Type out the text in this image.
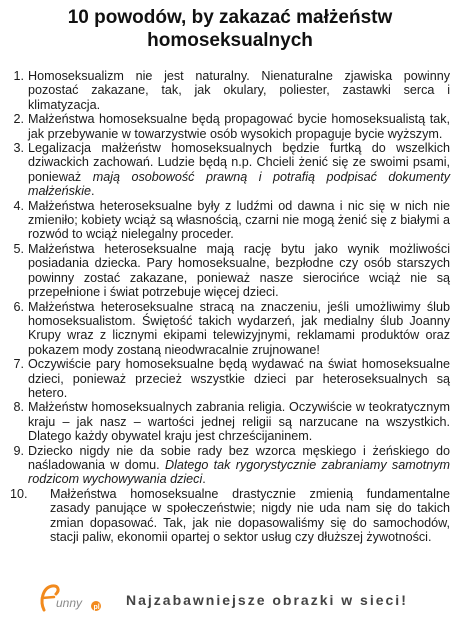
10 powodów, by zakazać małżeństw homoseksualnych
1. Homoseksualizm nie jest naturalny. Nienaturalne zjawiska powinny pozostać zakazane, tak, jak okulary, poliester, zastawki serca i klimatyzacja.
2. Małżeństwa homoseksualne będą propagować bycie homoseksualistą tak, jak przebywanie w towarzystwie osób wysokich propaguje bycie wyższym.
3. Legalizacja małżeństw homoseksualnych będzie furtką do wszelkich dziwackich zachowań. Ludzie będą n.p. Chcieli żenić się ze swoimi psami, ponieważ mają osobowość prawną i potrafią podpisać dokumenty małżeńskie.
4. Małżeństwa heteroseksualne były z ludźmi od dawna i nic się w nich nie zmieniło; kobiety wciąż są własnością, czarni nie mogą żenić się z białymi a rozwód to wciąż nielegalny proceder.
5. Małżeństwa heteroseksualne mają rację bytu jako wynik możliwości posiadania dziecka. Pary homoseksualne, bezpłodne czy osób starszych powinny zostać zakazane, ponieważ nasze sierocińce wciąż nie są przepełnione i świat potrzebuje więcej dzieci.
6. Małżeństwa heteroseksualne stracą na znaczeniu, jeśli umożliwimy ślub homoseksualistom. Świętość takich wydarzeń, jak medialny ślub Joanny Krupy wraz z licznymi ekipami telewizyjnymi, reklamami produktów oraz pokazem mody zostaną nieodwracalnie zrujnowane!
7. Oczywiście pary homoseksualne będą wydawać na świat homoseksualne dzieci, ponieważ przecież wszystkie dzieci par heteroseksualnych są hetero.
8. Małżeństw homoseksualnych zabrania religia. Oczywiście w teokratycznym kraju – jak nasz – wartości jednej religii są narzucane na wszystkich. Dlatego każdy obywatel kraju jest chrześcijaninem.
9. Dziecko nigdy nie da sobie rady bez wzorca męskiego i żeńskiego do naśladowania w domu. Dlatego tak rygorystycznie zabraniamy samotnym rodzicom wychowywania dzieci.
10.	Małżeństwa homoseksualne drastycznie zmienią fundamentalne zasady panujące w społeczeństwie; nigdy nie uda nam się do takich zmian dopasować. Tak, jak nie dopasowaliśmy się do samochodów, stacji paliw, ekonomii opartej o sektor usług czy dłuższej żywotności.
unny pl Najzabawniejsze obrazki w sieci!
